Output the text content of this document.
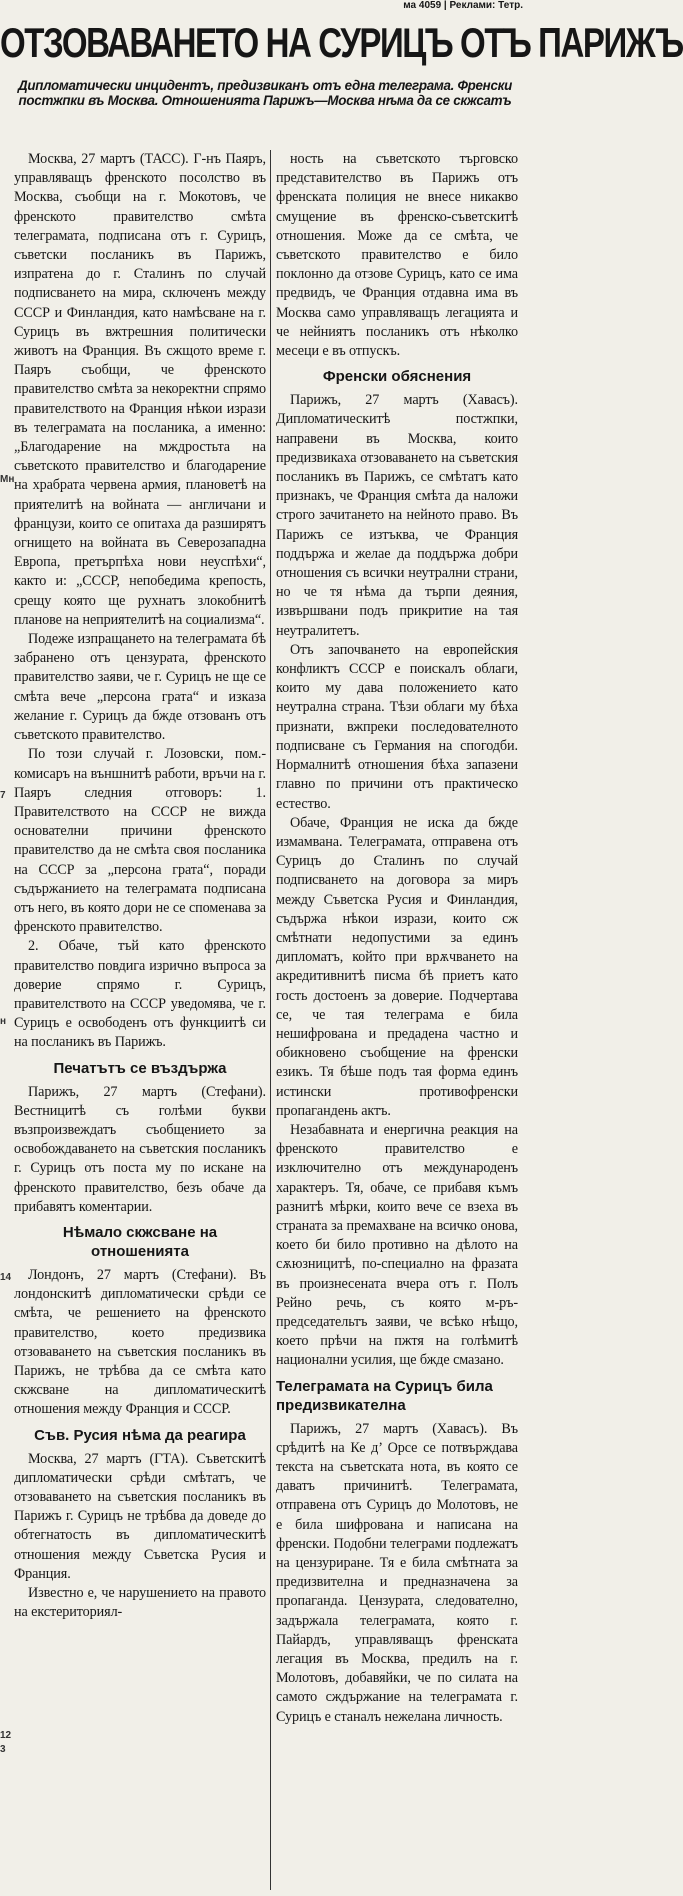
ма 4059 | Реклами: Тетр.
ОТЗОВАВАНЕТО НА СУРИЦЪ ОТЪ ПАРИЖЪ
Дипломатически инцидентъ, предизвиканъ отъ една телеграма. Френски постжпки въ Москва. Отношенията Парижъ—Москва нѣма да се скжсатъ

Москва, 27 мартъ (ТАСС). Г-нъ Паяръ, управляващъ френското посолство въ Москва, съобщи на г. Мокотовъ, че френското правителство смѣта телеграмата, подписана отъ г. Сурицъ, съветски посланикъ въ Парижъ, изпратена до г. Сталинъ по случай подписването на мира, сключенъ между СССР и Финландия, като намѣсване на г. Сурицъ въ вжтрешния политически животъ на Франция. Въ сжщото време г. Паяръ съобщи, че френското правителство смѣта за некоректни спрямо правителството на Франция нѣкои изрази въ телеграмата на посланика, а именно: „Благодарение на мждростьта на съветското правителство и благодарение на храбрата червена армия, плановетѣ на приятелитѣ на войната — англичани и французи, които се опитаха да разширятъ огнището на войната въ Северозападна Европа, претърпѣха нови неуспѣхи“, както и: „СССР, непобедима крепость, срещу която ще рухнатъ злокобнитѣ планове на неприятелитѣ на социализма“.

Подеже изпращането на телеграмата бѣ забранено отъ цензурата, френското правителство заяви, че г. Сурицъ не ще се смѣта вече „персона грата“ и изказа желание г. Сурицъ да бжде отзованъ отъ съветското правителство.

По този случай г. Лозовски, пом.-комисаръ на външнитѣ работи, връчи на г. Паяръ следния отговоръ: 1. Правителството на СССР не вижда основателни причини френското правителство да не смѣта своя посланика на СССР за „персона грата“, поради съдържанието на телеграмата подписана отъ него, въ която дори не се споменава за френското правителство.

2. Обаче, тъй като френското правителство повдига изрично въпроса за доверие спрямо г. Сурицъ, правителството на СССР уведомява, че г. Сурицъ е освободенъ отъ функциитѣ си на посланикъ въ Парижъ.

Печатътъ се въздържа

Парижъ, 27 мартъ (Стефани). Вестницитѣ съ голѣми букви възпроизвеждатъ съобщението за освобождаването на съветския посланикъ г. Сурицъ отъ поста му по искане на френското правителство, безъ обаче да прибавятъ коментарии.

Нѣмало скжсване на отношенията

Лондонъ, 27 мартъ (Стефани). Въ лондонскитѣ дипломатически срѣди се смѣта, че решението на френското правителство, което предизвика отзоваването на съветския посланикъ въ Парижъ, не трѣбва да се смѣта като скжсване на дипломатическитѣ отношения между Франция и СССР.

Съв. Русия нѣма да реагира

Москва, 27 мартъ (ГТА). Съветскитѣ дипломатически срѣди смѣтатъ, че отзоваването на съветския посланикъ въ Парижъ г. Сурицъ не трѣбва да доведе до обтегнатость въ дипломатическитѣ отношения между Съветска Русия и Франция.

Известно е, че нарушението на правото на екстериториял-

ность на съветското търговско представителство въ Парижъ отъ френската полиция не внесе никакво смущение въ френско-съветскитѣ отношения. Може да се смѣта, че съветското правителство е било поклонно да отзове Сурицъ, като се има предвидъ, че Франция отдавна има въ Москва само управляващъ легацията и че нейниятъ посланикъ отъ нѣколко месеци е въ отпускъ.

Френски обяснения

Парижъ, 27 мартъ (Хавасъ). Дипломатическитѣ постжпки, направени въ Москва, които предизвикаха отзоваването на съветския посланикъ въ Парижъ, се смѣтатъ като признакъ, че Франция смѣта да наложи строго зачитането на нейното право. Въ Парижъ се изтъква, че Франция поддържа и желае да поддържа добри отношения съ всички неутрални страни, но че тя нѣма да търпи деяния, извършвани подъ прикритие на тая неутралитетъ.

Отъ започването на европейския конфликтъ СССР е поискалъ облаги, които му дава положението като неутрална страна. Тѣзи облаги му бѣха признати, вжпреки последователното подписване съ Германия на спогодби. Нормалнитѣ отношения бѣха запазени главно по причини отъ практическо естество.

Обаче, Франция не иска да бжде измамвана. Телеграмата, отправена отъ Сурицъ до Сталинъ по случай подписването на договора за миръ между Съветска Русия и Финландия, съдържа нѣкои изрази, които сж смѣтнати недопустими за единъ дипломатъ, който при врѫчването на акредитивнитѣ писма бѣ приетъ като гость достоенъ за доверие. Подчертава се, че тая телеграма е била нешифрована и предадена частно и обикновено съобщение на френски езикъ. Тя бѣше подъ тая форма единъ истински противофренски пропагандень актъ.

Незабавната и енергична реакция на френското правителство е изключително отъ международенъ характеръ. Тя, обаче, се прибавя къмъ разнитѣ мѣрки, които вече се взеха въ страната за премахване на всичко онова, което би било противно на дѣлото на сѫюзницитѣ, по-специално на фразата въ произнесената вчера отъ г. Полъ Рейно речь, съ която м-ръ-председательтъ заяви, че всѣко нѣщо, което прѣчи на пжтя на голѣмитѣ национални усилия, ще бжде смазано.

Телеграмата на Сурицъ била предизвикателна

Парижъ, 27 мартъ (Хавасъ). Въ срѣдитѣ на Ке д’ Орсе се потвърждава текста на съветската нота, въ която се даватъ причинитѣ. Телеграмата, отправена отъ Сурицъ до Молотовъ, не е била шифрована и написана на френски. Подобни телеграми подлежатъ на цензуриране. Тя е била смѣтната за предизвителна и предназначена за пропаганда. Цензурата, следователно, задържала телеграмата, която г. Пайардъ, управляващъ френската легация въ Москва, предилъ на г. Молотовъ, добавяйки, че по силата на самото сждържание на телеграмата г. Сурицъ е станалъ нежелана личность.

Мн
7
н
14
12
3
